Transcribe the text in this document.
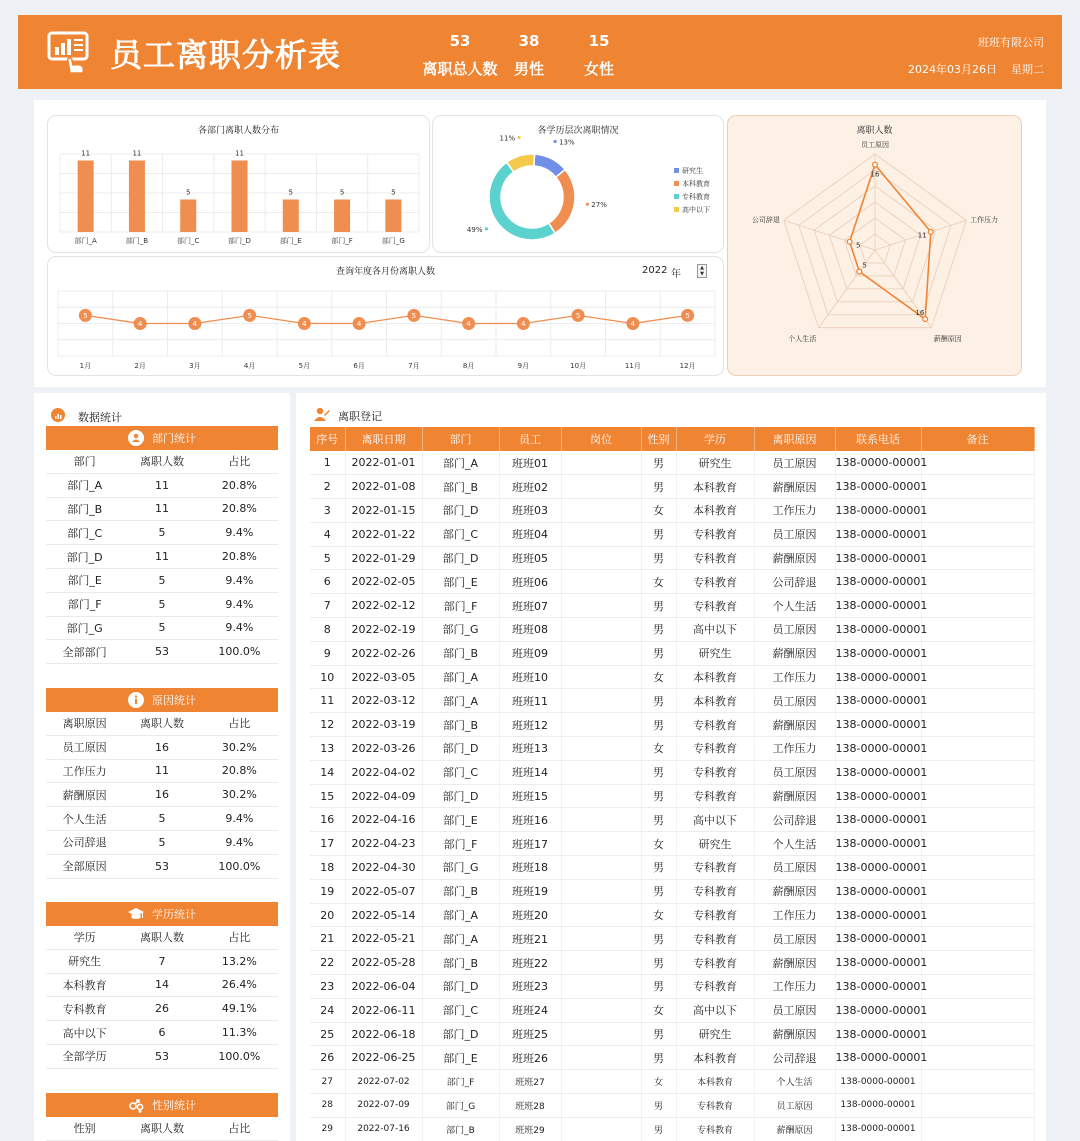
员工离职分析表	53
离职总人数
38
男性
15
女性
班班有限公司
2024年03月26日 星期二
各部门离职人数分布
11
部门_A
11
部门_B
5
部门_C
11
部门_D
5
部门_E
5
部门_F
5
部门_G
各学历层次离职情况
13%
27%
49%
11%
研究生
本科教育
专科教育
高中以下
离职人数
16
11
16
5
5
员工原因
工作压力
薪酬原因
个人生活
公司辞退
查询年度各月份离职人数	2022 年
▲
▼
5
1月
4
2月
4
3月
5
4月
4
5月
4
6月
5
7月
4
8月
4
9月
5
10月
4
11月
5
12月
数据统计
部门统计
部门	离职人数	占比
部门_A	11	20.8%
部门_B	11	20.8%
部门_C	5	9.4%
部门_D	11	20.8%
部门_E	5	9.4%
部门_F	5	9.4%
部门_G	5	9.4%
全部部门	53	100.0%
原因统计
离职原因	离职人数	占比
员工原因	16	30.2%
工作压力	11	20.8%
薪酬原因	16	30.2%
个人生活	5	9.4%
公司辞退	5	9.4%
全部原因	53	100.0%
学历统计
学历	离职人数	占比
研究生	7	13.2%
本科教育	14	26.4%
专科教育	26	49.1%
高中以下	6	11.3%
全部学历	53	100.0%
性别统计
性别	离职人数	占比
离职登记
序号	离职日期	部门	员工	岗位	性别	学历	离职原因	联系电话	备注
1	2022-01-01	部门_A	班班01		男	研究生	员工原因	138-0000-00001	
2	2022-01-08	部门_B	班班02		男	本科教育	薪酬原因	138-0000-00001	
3	2022-01-15	部门_D	班班03		女	本科教育	工作压力	138-0000-00001	
4	2022-01-22	部门_C	班班04		男	专科教育	员工原因	138-0000-00001	
5	2022-01-29	部门_D	班班05		男	专科教育	薪酬原因	138-0000-00001	
6	2022-02-05	部门_E	班班06		女	专科教育	公司辞退	138-0000-00001	
7	2022-02-12	部门_F	班班07		男	专科教育	个人生活	138-0000-00001	
8	2022-02-19	部门_G	班班08		男	高中以下	员工原因	138-0000-00001	
9	2022-02-26	部门_B	班班09		男	研究生	薪酬原因	138-0000-00001	
10	2022-03-05	部门_A	班班10		女	本科教育	工作压力	138-0000-00001	
11	2022-03-12	部门_A	班班11		男	本科教育	员工原因	138-0000-00001	
12	2022-03-19	部门_B	班班12		男	专科教育	薪酬原因	138-0000-00001	
13	2022-03-26	部门_D	班班13		女	专科教育	工作压力	138-0000-00001	
14	2022-04-02	部门_C	班班14		男	专科教育	员工原因	138-0000-00001	
15	2022-04-09	部门_D	班班15		男	专科教育	薪酬原因	138-0000-00001	
16	2022-04-16	部门_E	班班16		男	高中以下	公司辞退	138-0000-00001	
17	2022-04-23	部门_F	班班17		女	研究生	个人生活	138-0000-00001	
18	2022-04-30	部门_G	班班18		男	专科教育	员工原因	138-0000-00001	
19	2022-05-07	部门_B	班班19		男	专科教育	薪酬原因	138-0000-00001	
20	2022-05-14	部门_A	班班20		女	专科教育	工作压力	138-0000-00001	
21	2022-05-21	部门_A	班班21		男	专科教育	员工原因	138-0000-00001	
22	2022-05-28	部门_B	班班22		男	专科教育	薪酬原因	138-0000-00001	
23	2022-06-04	部门_D	班班23		男	专科教育	工作压力	138-0000-00001	
24	2022-06-11	部门_C	班班24		女	高中以下	员工原因	138-0000-00001	
25	2022-06-18	部门_D	班班25		男	研究生	薪酬原因	138-0000-00001	
26	2022-06-25	部门_E	班班26		男	本科教育	公司辞退	138-0000-00001	
27	2022-07-02	部门_F	班班27		女	本科教育	个人生活	138-0000-00001	
28	2022-07-09	部门_G	班班28		男	专科教育	员工原因	138-0000-00001	
29	2022-07-16	部门_B	班班29		男	专科教育	薪酬原因	138-0000-00001	
